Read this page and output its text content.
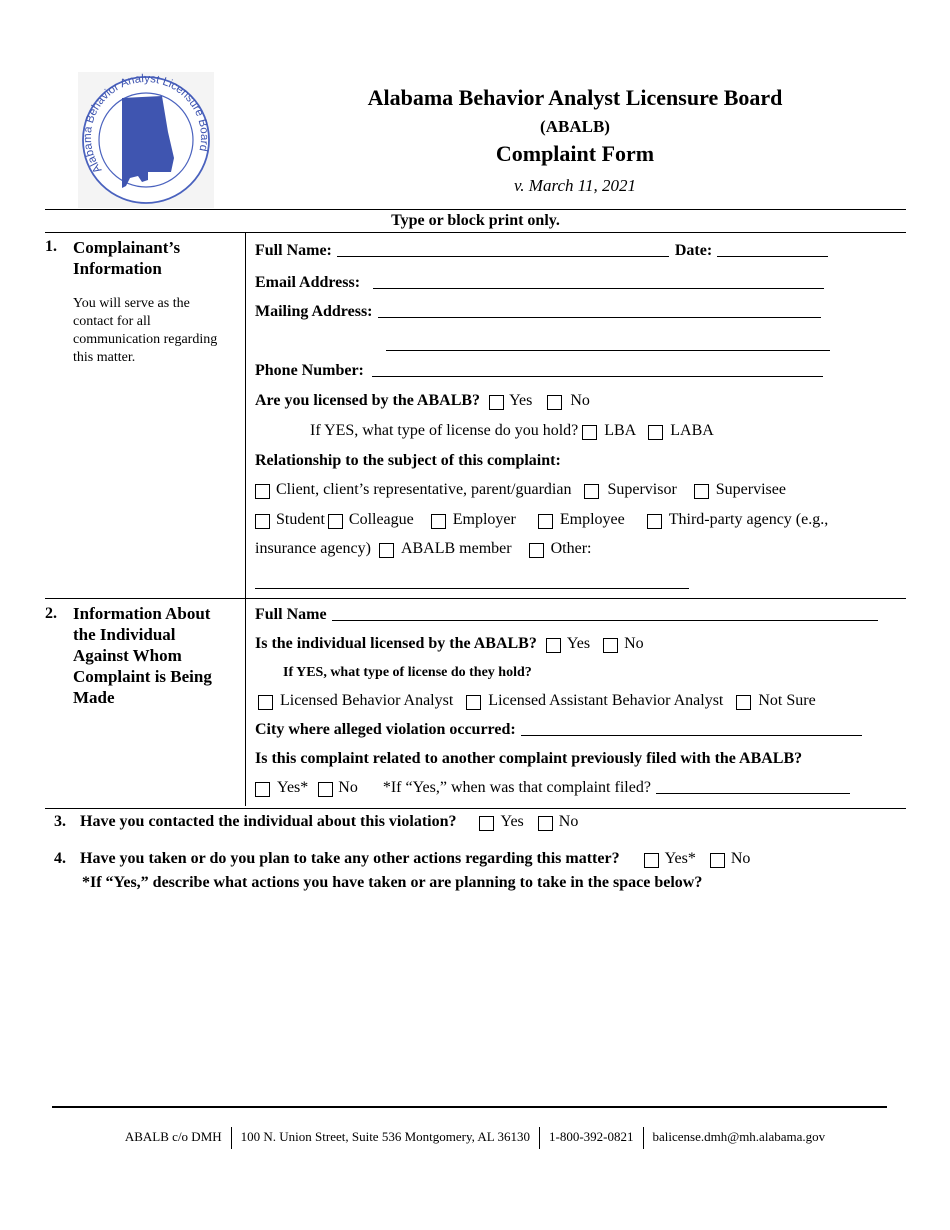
Alabama Behavior Analyst Licensure Board
Alabama Behavior Analyst Licensure Board
(ABALB)
Complaint Form
v. March 11, 2021
Type or block print only.
1. Complainant’s
Information
You will serve as the
contact for all
communication regarding
this matter.
Full Name:	Date:
Email Address:
Mailing Address:
Phone Number:
Are you licensed by the ABALB? Yes No
If YES, what type of license do you hold? LBA LABA
Relationship to the subject of this complaint:
Client, client’s representative, parent/guardian Supervisor Supervisee
Student Colleague Employer	Employee	Third-party agency (e.g.,
insurance agency) ABALB member Other:
2. Information About
the Individual
Against Whom
Complaint is Being
Made
Full Name
Is the individual licensed by the ABALB? Yes No
If YES, what type of license do they hold?
Licensed Behavior Analyst Licensed Assistant Behavior Analyst Not Sure
City where alleged violation occurred:
Is this complaint related to another complaint previously filed with the ABALB?
Yes* No *If “Yes,” when was that complaint filed?
3. Have you contacted the individual about this violation?	Yes No
4. Have you taken or do you plan to take any other actions regarding this matter?	Yes* No
*If “Yes,” describe what actions you have taken or are planning to take in the space below?
ABALB c/o DMH 100 N. Union Street, Suite 536 Montgomery, AL 36130 1-800-392-0821 balicense.dmh@mh.alabama.gov
